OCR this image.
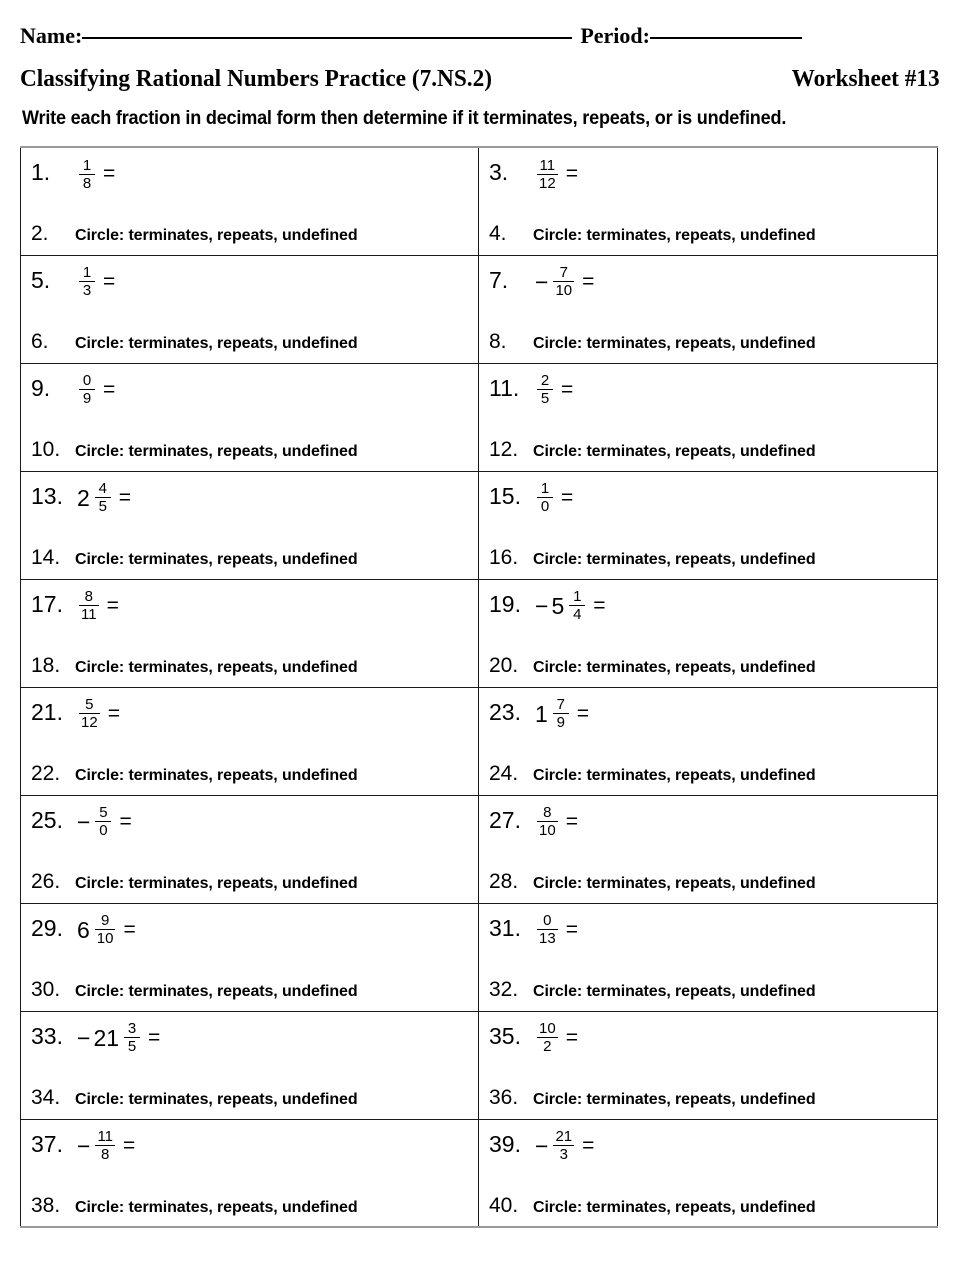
Name:	Period:
Classifying Rational Numbers Practice (7.NS.2)	Worksheet #13
Write each fraction in decimal form then determine if it terminates, repeats, or is undefined.
1.	$\frac{1}{8}$ =
2.	Circle: terminates, repeats, undefined

3.	$\frac{11}{12}$ =
4.	Circle: terminates, repeats, undefined

5.	$\frac{1}{3}$ =
6.	Circle: terminates, repeats, undefined

7.	− $\frac{7}{10}$ =
8.	Circle: terminates, repeats, undefined

9.	$\frac{0}{9}$ =
10. Circle: terminates, repeats, undefined

11.	$\frac{2}{5}$ =
12. Circle: terminates, repeats, undefined

13. $2 \frac{4}{5}$ =
14. Circle: terminates, repeats, undefined

15.	$\frac{1}{0}$ =
16. Circle: terminates, repeats, undefined

17.	$\frac{8}{11}$ =
18. Circle: terminates, repeats, undefined

19. − $5 \frac{1}{4}$ =
20. Circle: terminates, repeats, undefined

21.	$\frac{5}{12}$ =
22. Circle: terminates, repeats, undefined

23. $1 \frac{7}{9}$ =
24. Circle: terminates, repeats, undefined

25. − $\frac{5}{0}$ =
26. Circle: terminates, repeats, undefined

27.	$\frac{8}{10}$ =
28. Circle: terminates, repeats, undefined

29. $6 \frac{9}{10}$ =
30. Circle: terminates, repeats, undefined

31.	$\frac{0}{13}$ =
32. Circle: terminates, repeats, undefined

33. − $21 \frac{3}{5}$ =
34. Circle: terminates, repeats, undefined

35.	$\frac{10}{2}$ =
36. Circle: terminates, repeats, undefined

37. − $\frac{11}{8}$ =
38. Circle: terminates, repeats, undefined

39. − $\frac{21}{3}$ =
40. Circle: terminates, repeats, undefined
